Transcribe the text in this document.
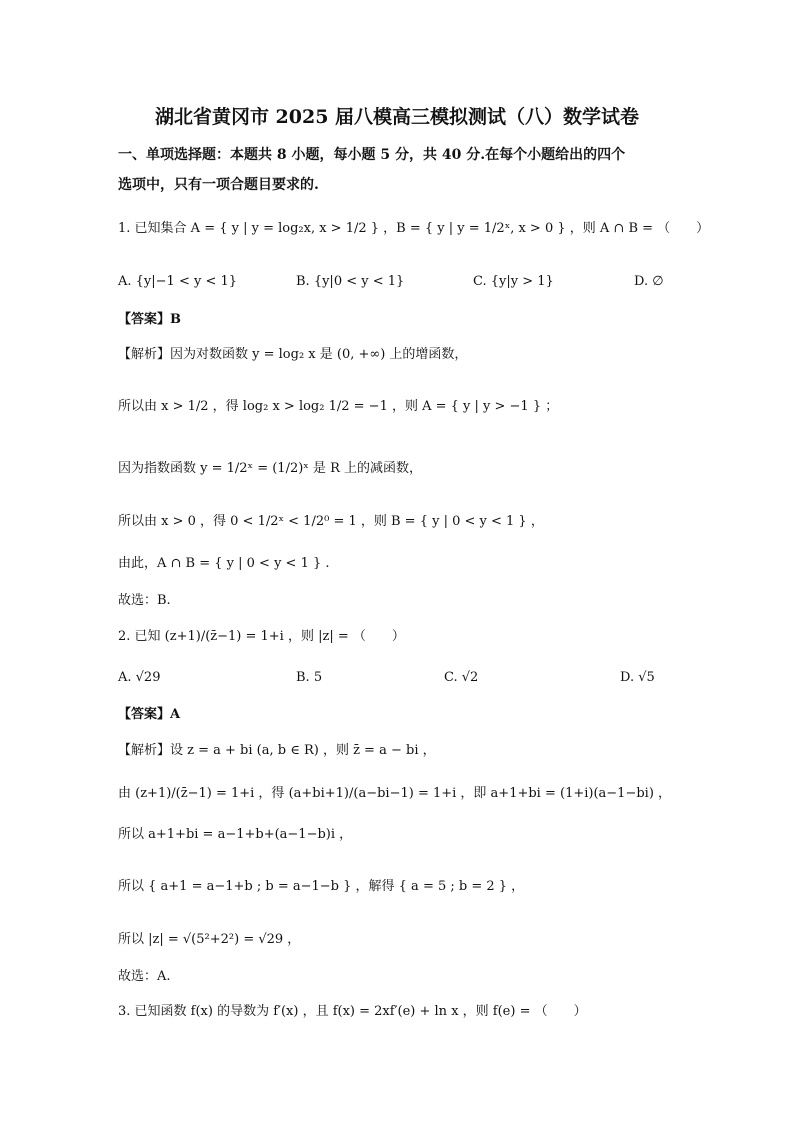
湖北省黄冈市 2025 届八模高三模拟测试（八）数学试卷
一、单项选择题：本题共 8 小题，每小题 5 分，共 40 分.在每个小题给出的四个
选项中，只有一项合题目要求的.
1. 已知集合 A = { y | y = log₂x, x > 1/2 } ，B = { y | y = 1/2ˣ, x > 0 } ，则 A ∩ B = （　　）
A. {y|−1 < y < 1}	B. {y|0 < y < 1}	C. {y|y > 1}	D. ∅
【答案】B
【解析】因为对数函数 y = log₂ x 是 (0, +∞) 上的增函数，
所以由 x > 1/2 ，得 log₂ x > log₂ 1/2 = −1 ，则 A = { y | y > −1 } ；
因为指数函数 y = 1/2ˣ = (1/2)ˣ 是 R 上的减函数，
所以由 x > 0 ，得 0 < 1/2ˣ < 1/2⁰ = 1 ，则 B = { y | 0 < y < 1 } ，
由此，A ∩ B = { y | 0 < y < 1 } .
故选：B.
2. 已知 (z+1)/(z̄−1) = 1+i ，则 |z| = （　　）
A. √29	B. 5	C. √2	D. √5
【答案】A
【解析】设 z = a + bi (a, b ∈ R) ，则 z̄ = a − bi ，
由 (z+1)/(z̄−1) = 1+i ，得 (a+bi+1)/(a−bi−1) = 1+i ，即 a+1+bi = (1+i)(a−1−bi) ，
所以 a+1+bi = a−1+b+(a−1−b)i ，
所以 { a+1 = a−1+b ; b = a−1−b } ，解得 { a = 5 ; b = 2 } ，
所以 |z| = √(5²+2²) = √29 ，
故选：A.
3. 已知函数 f(x) 的导数为 f′(x) ，且 f(x) = 2xf′(e) + ln x ，则 f(e) = （　　）
